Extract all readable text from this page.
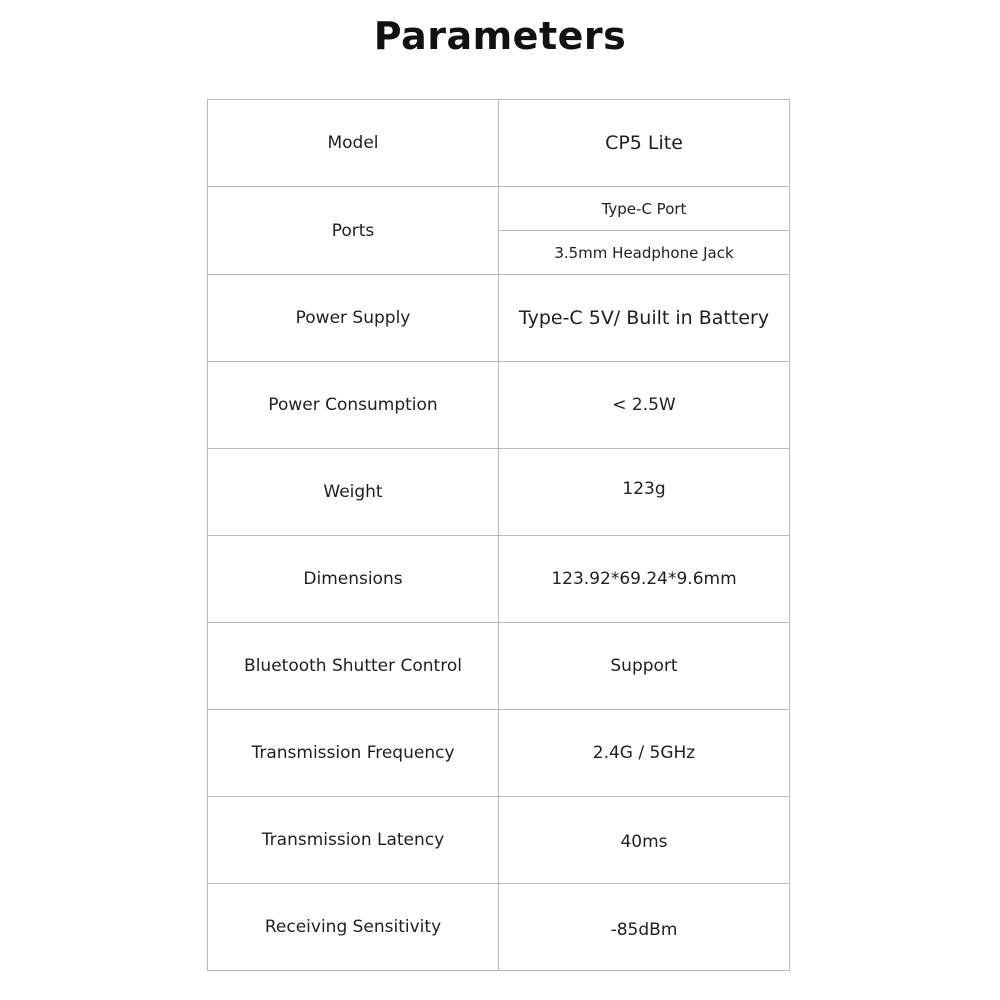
Parameters
Model	CP5 Lite
Ports	Type-C Port
	3.5mm Headphone Jack
Power Supply	Type-C 5V/ Built in Battery
Power Consumption	< 2.5W
Weight	123g
Dimensions	123.92*69.24*9.6mm
Bluetooth Shutter Control	Support
Transmission Frequency	2.4G / 5GHz
Transmission Latency	40ms
Receiving Sensitivity	-85dBm
